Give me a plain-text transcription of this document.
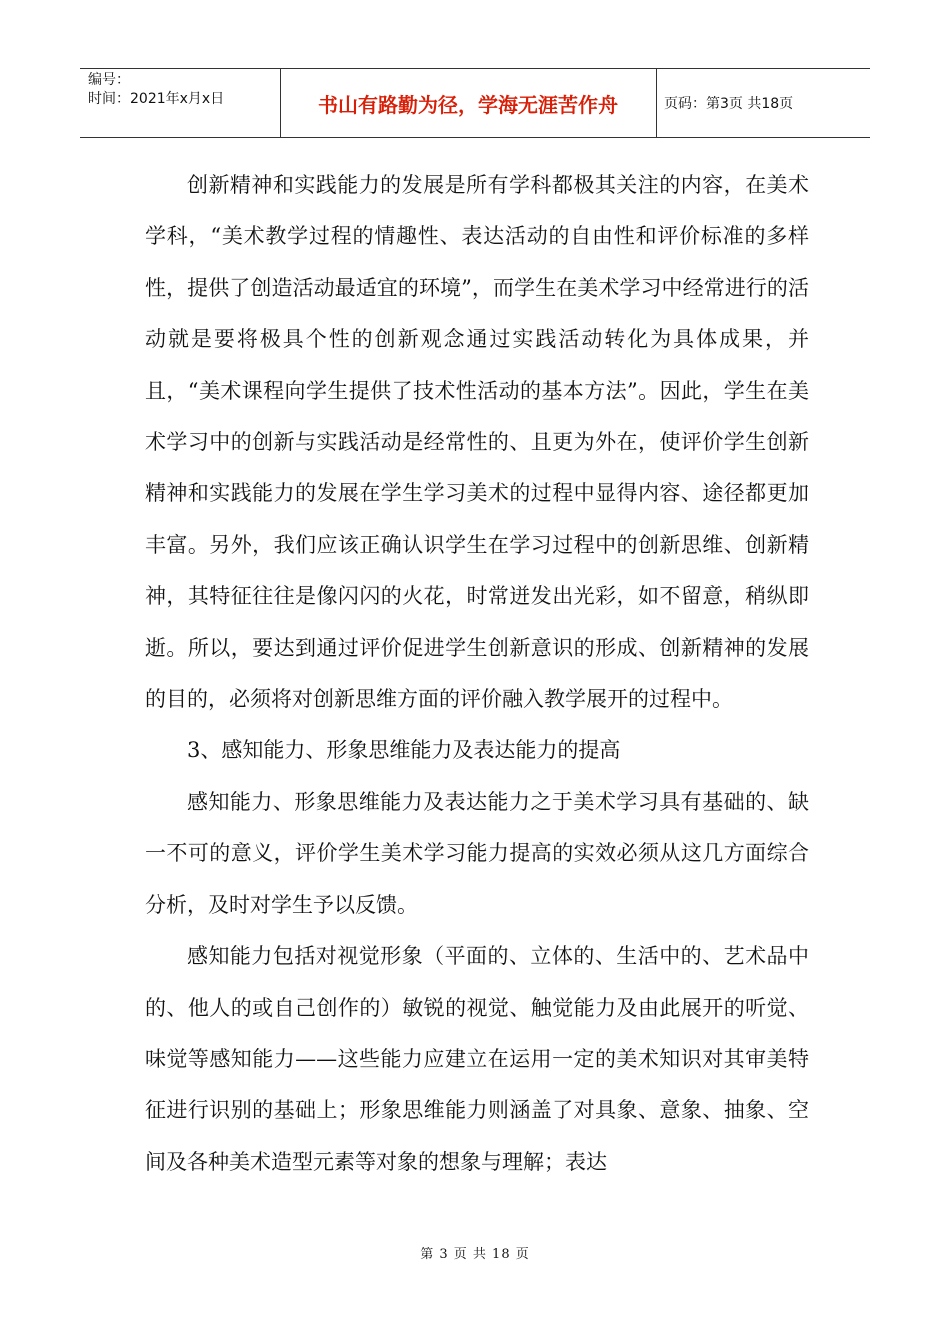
编号：
时间：2021年x月x日	书山有路勤为径，学海无涯苦作舟	页码：第3页 共18页

创新精神和实践能力的发展是所有学科都极其关注的内容，在美术学科，“美术教学过程的情趣性、表达活动的自由性和评价标准的多样性，提供了创造活动最适宜的环境”，而学生在美术学习中经常进行的活动就是要将极具个性的创新观念通过实践活动转化为具体成果，并且，“美术课程向学生提供了技术性活动的基本方法”。因此，学生在美术学习中的创新与实践活动是经常性的、且更为外在，使评价学生创新精神和实践能力的发展在学生学习美术的过程中显得内容、途径都更加丰富。另外，我们应该正确认识学生在学习过程中的创新思维、创新精神，其特征往往是像闪闪的火花，时常迸发出光彩，如不留意，稍纵即逝。所以，要达到通过评价促进学生创新意识的形成、创新精神的发展的目的，必须将对创新思维方面的评价融入教学展开的过程中。

3、感知能力、形象思维能力及表达能力的提高

感知能力、形象思维能力及表达能力之于美术学习具有基础的、缺一不可的意义，评价学生美术学习能力提高的实效必须从这几方面综合分析，及时对学生予以反馈。

感知能力包括对视觉形象（平面的、立体的、生活中的、艺术品中的、他人的或自己创作的）敏锐的视觉、触觉能力及由此展开的听觉、味觉等感知能力——这些能力应建立在运用一定的美术知识对其审美特征进行识别的基础上；形象思维能力则涵盖了对具象、意象、抽象、空间及各种美术造型元素等对象的想象与理解；表达

第 3 页 共 18 页
